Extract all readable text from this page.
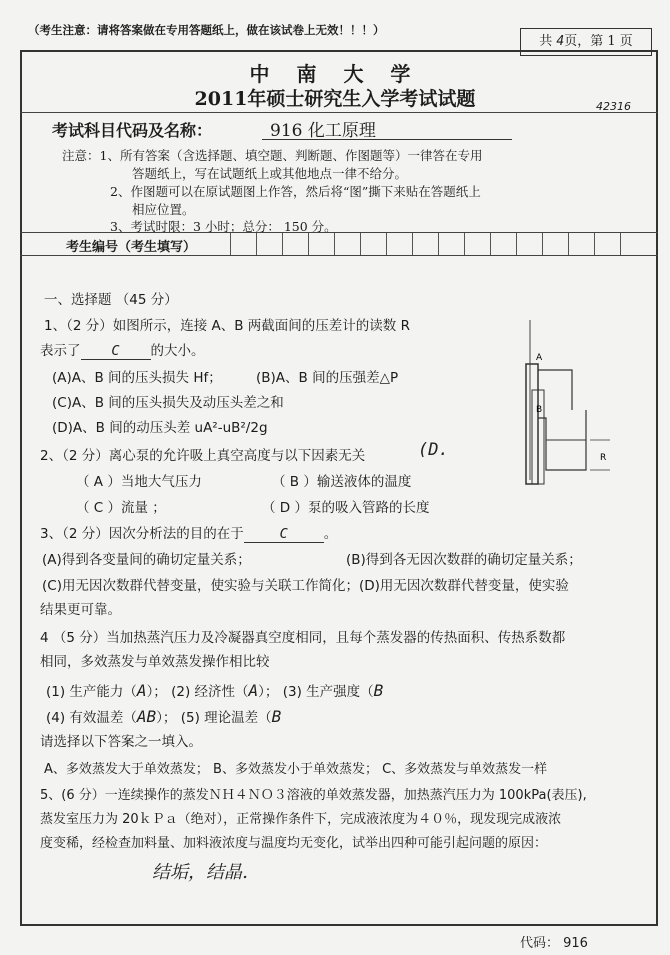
（考生注意：请将答案做在专用答题纸上，做在该试卷上无效！！！）
共 4页，第 1 页
中 南 大 学
2011年硕士研究生入学考试试题	42316
考试科目代码及名称：	916 化工原理
注意：1、所有答案（含选择题、填空题、判断题、作图题等）一律答在专用
答题纸上，写在试题纸上或其他地点一律不给分。
2、作图题可以在原试题图上作答，然后将“图”撕下来贴在答题纸上
相应位置。
3、考试时限：3 小时；总分： 150 分。
考生编号（考生填写）
一、选择题 （45 分）
1、（2 分）如图所示，连接 A、B 两截面间的压差计的读数 R
表示了 C 的大小。
(A)A、B 间的压头损失 Hf；	(B)A、B 间的压强差△P
(C)A、B 间的压头损失及动压头差之和
(D)A、B 间的动压头差 uA²-uB²/2g
A
B
R
2、（2 分）离心泵的允许吸上真空高度与以下因素无关	(D.
（ A ）当地大气压力	（ B ）输送液体的温度
（ C ）流量 ；	（ D ）泵的吸入管路的长度
3、（2 分）因次分析法的目的在于	C	。
(A)得到各变量间的确切定量关系；	(B)得到各无因次数群的确切定量关系；
(C)用无因次数群代替变量，使实验与关联工作简化；(D)用无因次数群代替变量，使实验
结果更可靠。
4 （5 分）当加热蒸汽压力及冷凝器真空度相同，且每个蒸发器的传热面积、传热系数都
相同，多效蒸发与单效蒸发操作相比较
(1) 生产能力（A）； (2) 经济性（A）； (3) 生产强度（B
(4) 有效温差（AB）； (5) 理论温差（B
请选择以下答案之一填入。
A、多效蒸发大于单效蒸发； B、多效蒸发小于单效蒸发； C、多效蒸发与单效蒸发一样
5、(6 分）一连续操作的蒸发ＮＨ４ＮＯ３溶液的单效蒸发器，加热蒸汽压力为 100kPa(表压),
蒸发室压力为 20ｋＰａ（绝对），正常操作条件下，完成液浓度为４０％，现发现完成液浓
度变稀，经检查加料量、加料液浓度与温度均无变化，试举出四种可能引起问题的原因：
结垢，结晶．
代码： 916
